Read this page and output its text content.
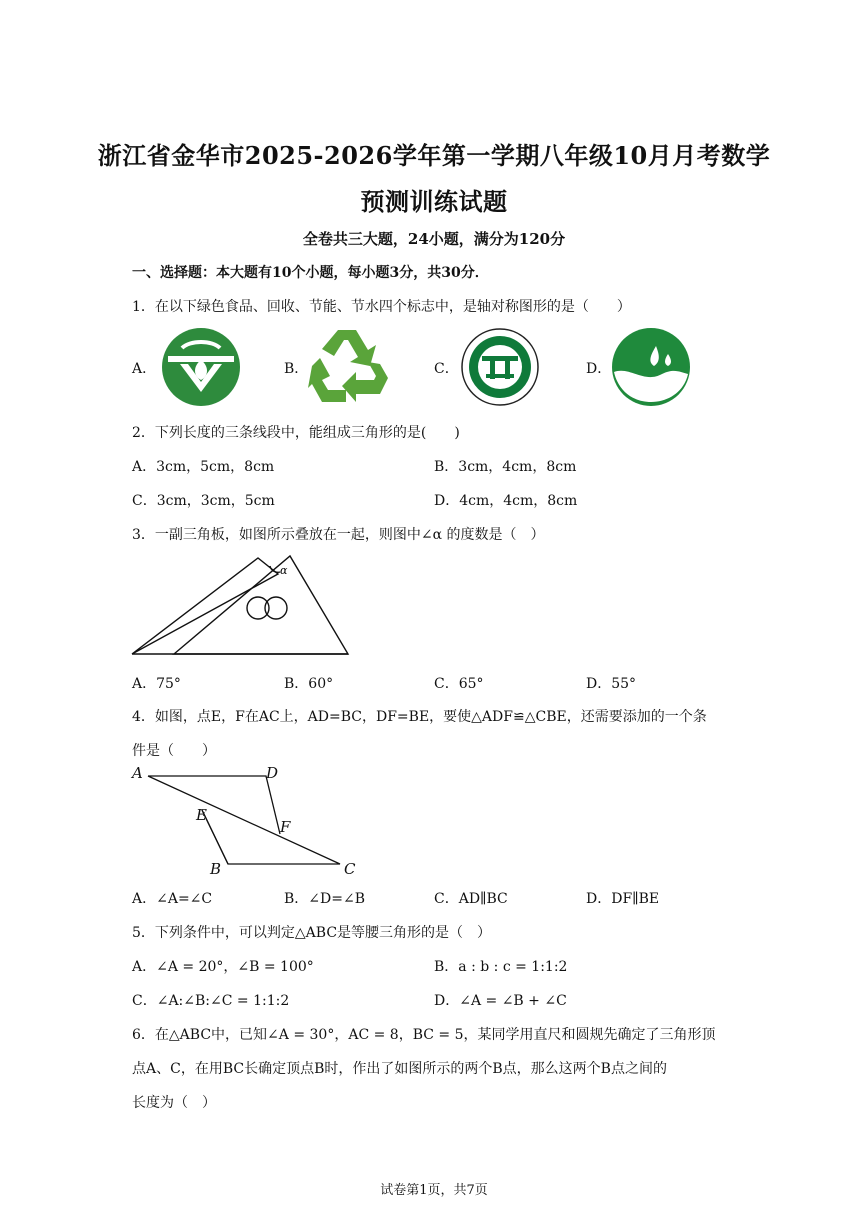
浙江省金华市2025-2026学年第一学期八年级10月月考数学
预测训练试题
全卷共三大题，24小题，满分为120分
一、选择题：本大题有10个小题，每小题3分，共30分．
1．在以下绿色食品、回收、节能、节水四个标志中，是轴对称图形的是（　　）
A．	B．	C．	D．
2．下列长度的三条线段中，能组成三角形的是(　　)
A．3cm，5cm，8cm	B．3cm，4cm，8cm
C．3cm，3cm，5cm	D．4cm，4cm，8cm
3．一副三角板，如图所示叠放在一起，则图中∠α 的度数是（　）
α
A．75°	B．60°	C．65°	D．55°
4．如图，点E，F在AC上，AD=BC，DF=BE，要使△ADF≌△CBE，还需要添加的一个条
件是（　　）
A	D
E
F
B	C
A．∠A=∠C	B．∠D=∠B	C．AD∥BC	D．DF∥BE
5．下列条件中，可以判定△ABC是等腰三角形的是（　）
A．∠A = 20°，∠B = 100°	B．a : b : c = 1:1:2
C．∠A:∠B:∠C = 1:1:2	D．∠A = ∠B + ∠C
6．在△ABC中，已知∠A = 30°，AC = 8，BC = 5，某同学用直尺和圆规先确定了三角形顶
点A、C，在用BC长确定顶点B时，作出了如图所示的两个B点，那么这两个B点之间的
长度为（　）
试卷第1页，共7页
